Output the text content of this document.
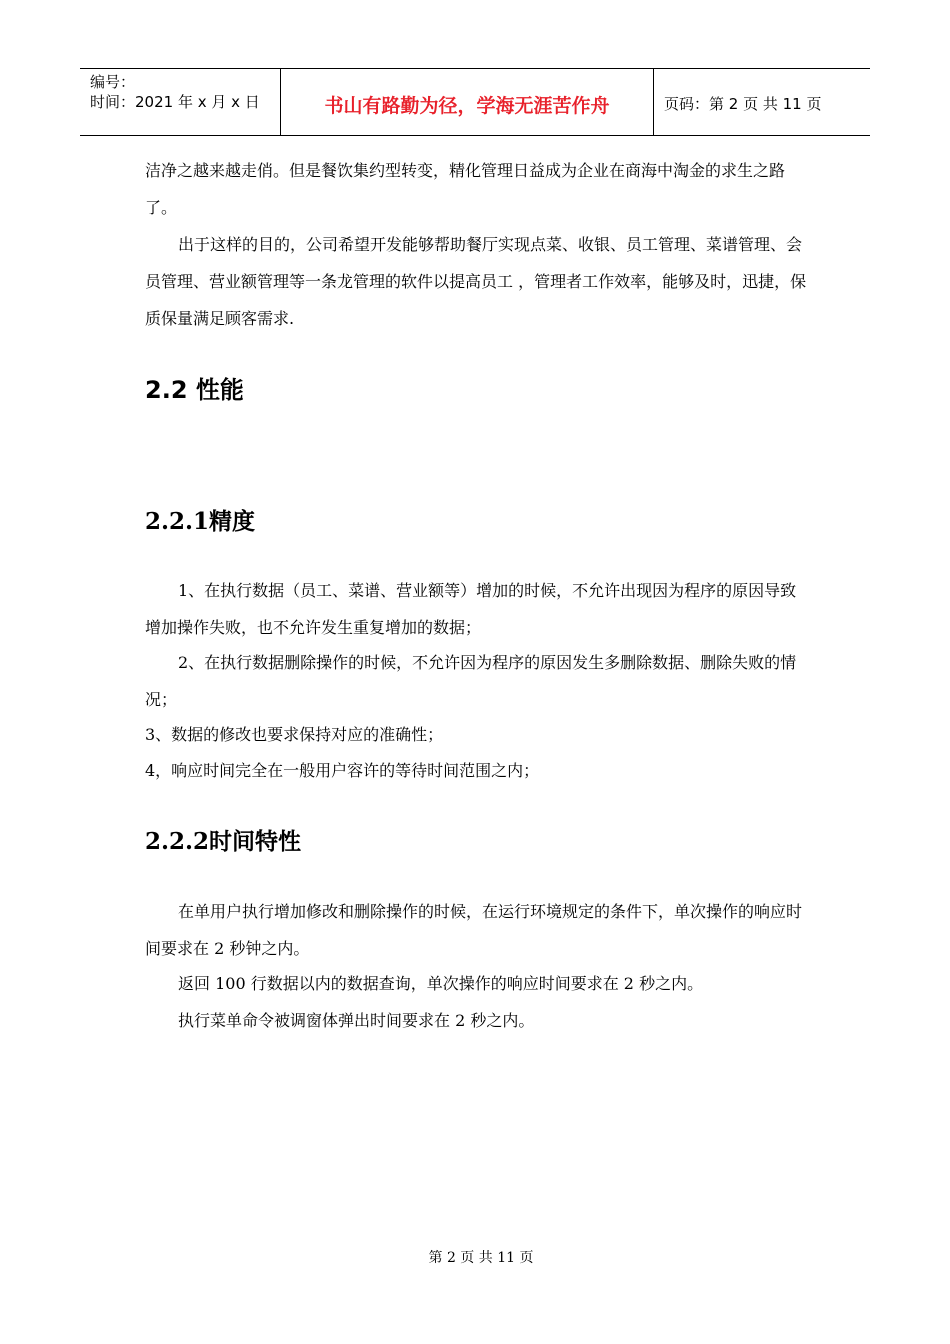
编号：
时间：2021 年 x 月 x 日	书山有路勤为径，学海无涯苦作舟	页码：第 2 页 共 11 页

洁净之越来越走俏。但是餐饮集约型转变，精化管理日益成为企业在商海中淘金的求生之路了。

出于这样的目的，公司希望开发能够帮助餐厅实现点菜、收银、员工管理、菜谱管理、会员管理、营业额管理等一条龙管理的软件以提高员工 ，管理者工作效率，能够及时，迅捷，保质保量满足顾客需求.

2.2 性能
2.2.1精度

1、在执行数据（员工、菜谱、营业额等）增加的时候，不允许出现因为程序的原因导致增加操作失败，也不允许发生重复增加的数据；

2、在执行数据删除操作的时候，不允许因为程序的原因发生多删除数据、删除失败的情况；

3、数据的修改也要求保持对应的准确性；

4，响应时间完全在一般用户容许的等待时间范围之内；

2.2.2时间特性

在单用户执行增加修改和删除操作的时候，在运行环境规定的条件下，单次操作的响应时间要求在 2 秒钟之内。

返回 100 行数据以内的数据查询，单次操作的响应时间要求在 2 秒之内。

执行菜单命令被调窗体弹出时间要求在 2 秒之内。

第 2 页 共 11 页
